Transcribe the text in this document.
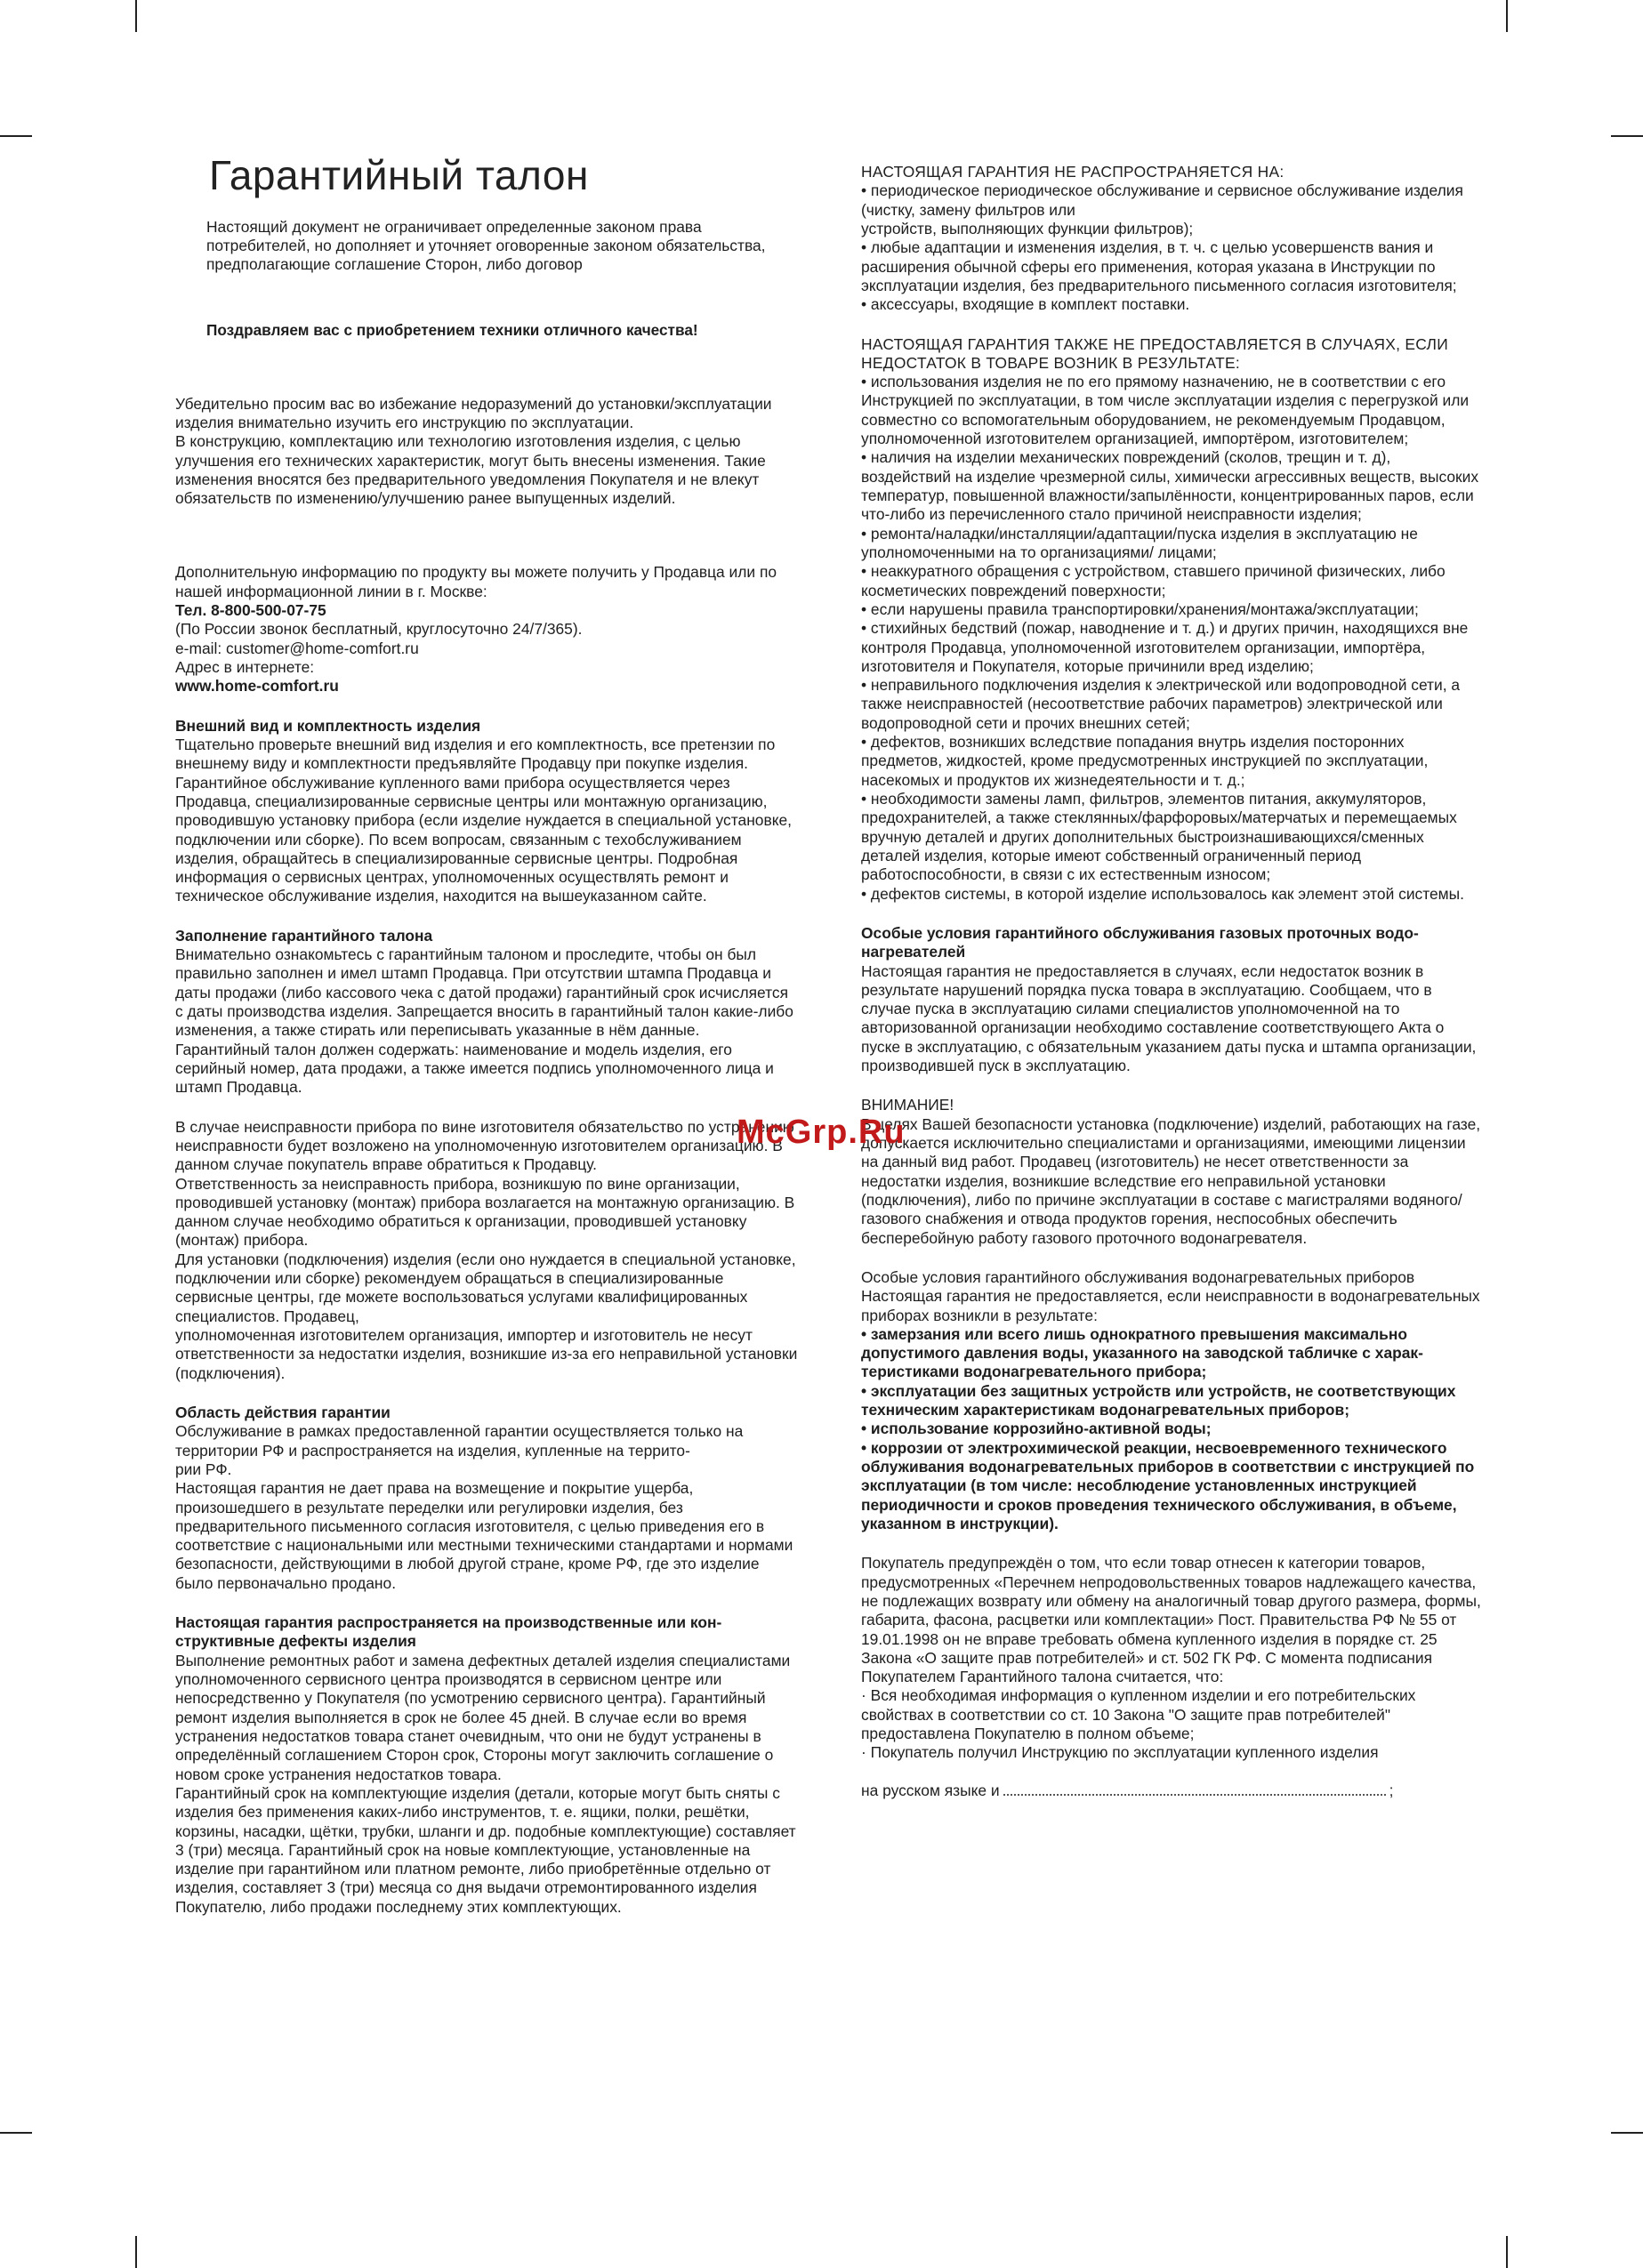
Гарантийный талон

Настоящий документ не ограничивает определенные законом права потребителей, но дополняет и уточняет оговоренные законом обязательства, предполагающие соглашение Сторон, либо договор

Поздравляем вас с приобретением техники отличного качества!

Убедительно просим вас во избежание недоразумений до установки/эксплуатации изделия внимательно изучить его инструкцию по эксплуатации.

В конструкцию, комплектацию или технологию изготовления изделия, с целью улучшения его технических характеристик, могут быть внесены изменения. Такие изменения вносятся без предварительного уведомления Покупателя и не влекут обязательств по изменению/улучшению ранее выпущенных изделий.

Дополнительную информацию по продукту вы можете получить у Продавца или по нашей информационной линии в г. Москве:

Тел. 8-800-500-07-75

(По России звонок бесплатный, круглосуточно 24/7/365).

e-mail: customer@home-comfort.ru

Адрес в интернете:

www.home-comfort.ru

Внешний вид и комплектность изделия

Тщательно проверьте внешний вид изделия и его комплектность, все претензии по внешнему виду и комплектности предъявляйте Продавцу при покупке изделия. Гарантийное обслуживание купленного вами прибора осуществляется через Продавца, специализированные сервисные центры или монтажную организацию, проводившую установку прибора (если изделие нуждается в специальной установке, подключении или сборке). По всем вопросам, связанным с техобслуживанием изделия, обращайтесь в специализированные сервисные центры. Подробная информация о сервисных центрах, уполномоченных осуществлять ремонт и техническое обслуживание изделия, находится на вышеуказанном сайте.

Заполнение гарантийного талона

Внимательно ознакомьтесь с гарантийным талоном и проследите, чтобы он был правильно заполнен и имел штамп Продавца. При отсутствии штампа Продавца и даты продажи (либо кассового чека с датой продажи) гарантийный срок исчисляется с даты производства изделия. Запрещается вносить в гарантийный талон какие-либо изменения, а также стирать или переписывать указанные в нём данные. Гарантийный талон должен содержать: наименование и модель изделия, его серийный номер, дата продажи, а также имеется подпись уполномоченного лица и штамп Продавца.

В случае неисправности прибора по вине изготовителя обязательство по устранению неисправности будет возложено на уполномоченную изготовителем организацию. В данном случае покупатель вправе обратиться к Продавцу.

Ответственность за неисправность прибора, возникшую по вине организации, проводившей установку (монтаж) прибора возлагается на монтажную организацию. В данном случае необходимо обратиться к организации, проводившей установку (монтаж) прибора.

Для установки (подключения) изделия (если оно нуждается в специальной установке, подключении или сборке) рекомендуем обращаться в специализированные сервисные центры, где можете воспользоваться услугами квалифицированных специалистов. Продавец,

уполномоченная изготовителем организация, импортер и изготовитель не несут ответственности за недостатки изделия, возникшие из-за его неправильной установки (подключения).

Область действия гарантии

Обслуживание в рамках предоставленной гарантии осуществляется только на территории РФ и распространяется на изделия, купленные на террито-

рии РФ.

Настоящая гарантия не дает права на возмещение и покрытие ущерба, произошедшего в результате переделки или регулировки изделия, без предварительного письменного согласия изготовителя, с целью приведения его в соответствие с национальными или местными техническими стандартами и нормами безопасности, действующими в любой другой стране, кроме РФ, где это изделие было первоначально продано.

Настоящая гарантия распространяется на производственные или конструктивные дефекты изделия

Выполнение ремонтных работ и замена дефектных деталей изделия специалистами уполномоченного сервисного центра производятся в сервисном центре или непосредственно у Покупателя (по усмотрению сервисного центра). Гарантийный ремонт изделия выполняется в срок не более 45 дней. В случае если во время устранения недостатков товара станет очевидным, что они не будут устранены в определённый соглашением Сторон срок, Стороны могут заключить соглашение о новом сроке устранения недостатков товара.

Гарантийный срок на комплектующие изделия (детали, которые могут быть сняты с изделия без применения каких-либо инструментов, т. е. ящики, полки, решётки, корзины, насадки, щётки, трубки, шланги и др. подобные комплектующие) составляет 3 (три) месяца. Гарантийный срок на новые комплектующие, установленные на изделие при гарантийном или платном ремонте, либо приобретённые отдельно от изделия, составляет 3 (три) месяца со дня выдачи отремонтированного изделия Покупателю, либо продажи последнему этих комплектующих.

НАСТОЯЩАЯ ГАРАНТИЯ НЕ РАСПРОСТРАНЯЕТСЯ НА:

• периодическое периодическое обслуживание и сервисное обслуживание изделия (чистку, замену фильтров или

устройств, выполняющих функции фильтров);

• любые адаптации и изменения изделия, в т. ч. с целью усовершенств вания и расширения обычной сферы его применения, которая указана в Инструкции по эксплуатации изделия, без предварительного письменного согласия изготовителя;

• аксессуары, входящие в комплект поставки.

НАСТОЯЩАЯ ГАРАНТИЯ ТАКЖЕ НЕ ПРЕДОСТАВЛЯЕТСЯ В СЛУЧАЯХ, ЕСЛИ НЕДОСТАТОК В ТОВАРЕ ВОЗНИК В РЕЗУЛЬТАТЕ:

• использования изделия не по его прямому назначению, не в соответствии с его Инструкцией по эксплуатации, в том числе эксплуатации изделия с перегрузкой или совместно со вспомогательным оборудованием, не рекомендуемым Продавцом, уполномоченной изготовителем организацией, импортёром, изготовителем;

• наличия на изделии механических повреждений (сколов, трещин и т. д), воздействий на изделие чрезмерной силы, химически агрессивных веществ, высоких температур, повышенной влажности/запылённости, концентрированных паров, если что-либо из перечисленного стало причиной неисправности изделия;

• ремонта/наладки/инсталляции/адаптации/пуска изделия в эксплуатацию не уполномоченными на то организациями/ лицами;

• неаккуратного обращения с устройством, ставшего причиной физических, либо косметических повреждений поверхности;

• если нарушены правила транспортировки/хранения/монтажа/эксплуатации;

• стихийных бедствий (пожар, наводнение и т. д.) и других причин, находящихся вне контроля Продавца, уполномоченной изготовителем организации, импортёра, изготовителя и Покупателя, которые причинили вред изделию;

• неправильного подключения изделия к электрической или водопроводной сети, а также неисправностей (несоответствие рабочих параметров) электрической или водопроводной сети и прочих внешних сетей;

• дефектов, возникших вследствие попадания внутрь изделия посторонних предметов, жидкостей, кроме предусмотренных инструкцией по эксплуатации, насекомых и продуктов их жизнедеятельности и т. д.;

• необходимости замены ламп, фильтров, элементов питания, аккумуляторов, предохранителей, а также стеклянных/фарфоровых/матерчатых и перемещаемых вручную деталей и других дополнительных быстроизнашивающихся/сменных деталей изделия, которые имеют собственный ограниченный период работоспособности, в связи с их естественным износом;

• дефектов системы, в которой изделие использовалось как элемент этой системы.

Особые условия гарантийного обслуживания газовых проточных водонагревателей

Настоящая гарантия не предоставляется в случаях, если недостаток возник в результате нарушений порядка пуска товара в эксплуатацию. Сообщаем, что в случае пуска в эксплуатацию силами специалистов уполномоченной на то авторизованной организации необходимо составление соответствующего Акта о пуске в эксплуатацию, с обязательным указанием даты пуска и штампа организации, производившей пуск в эксплуатацию.

ВНИМАНИЕ!

В целях Вашей безопасности установка (подключение) изделий, работающих на газе, допускается исключительно специалистами и организациями, имеющими лицензии на данный вид работ. Продавец (изготовитель) не несет ответственности за недостатки изделия, возникшие вследствие его неправильной установки (подключения), либо по причине эксплуатации в составе с магистралями водяного/газового снабжения и отвода продуктов горения, неспособных обеспечить бесперебойную работу газового проточного водонагревателя.

Особые условия гарантийного обслуживания водонагревательных приборов

Настоящая гарантия не предоставляется, если неисправности в водонагревательных приборах возникли в результате:

• замерзания или всего лишь однократного превышения максимально допустимого давления воды, указанного на заводской табличке с характеристиками водонагревательного прибора;

• эксплуатации без защитных устройств или устройств, не соответствующих техническим характеристикам водонагревательных приборов;

• использование коррозийно-активной воды;

• коррозии от электрохимической реакции, несвоевременного технического облуживания водонагревательных приборов в соответствии с инструкцией по эксплуатации (в том числе: несоблюдение установленных инструкцией периодичности и сроков проведения технического обслуживания, в объеме, указанном в инструкции).

Покупатель предупреждён о том, что если товар отнесен к категории товаров, предусмотренных «Перечнем непродовольственных товаров надлежащего качества, не подлежащих возврату или обмену на аналогичный товар другого размера, формы, габарита, фасона, расцветки или комплектации» Пост. Правительства РФ № 55 от 19.01.1998 он не вправе требовать обмена купленного изделия в порядке ст. 25 Закона «О защите прав потребителей» и ст. 502 ГК РФ. С момента подписания Покупателем Гарантийного талона считается, что:

· Вся необходимая информация о купленном изделии и его потребительских свойствах в соответствии со ст. 10 Закона "О защите прав потребителей" предоставлена Покупателю в полном объеме;

· Покупатель получил Инструкцию по эксплуатации купленного изделия

на русском языке и	;

McGrp.Ru
